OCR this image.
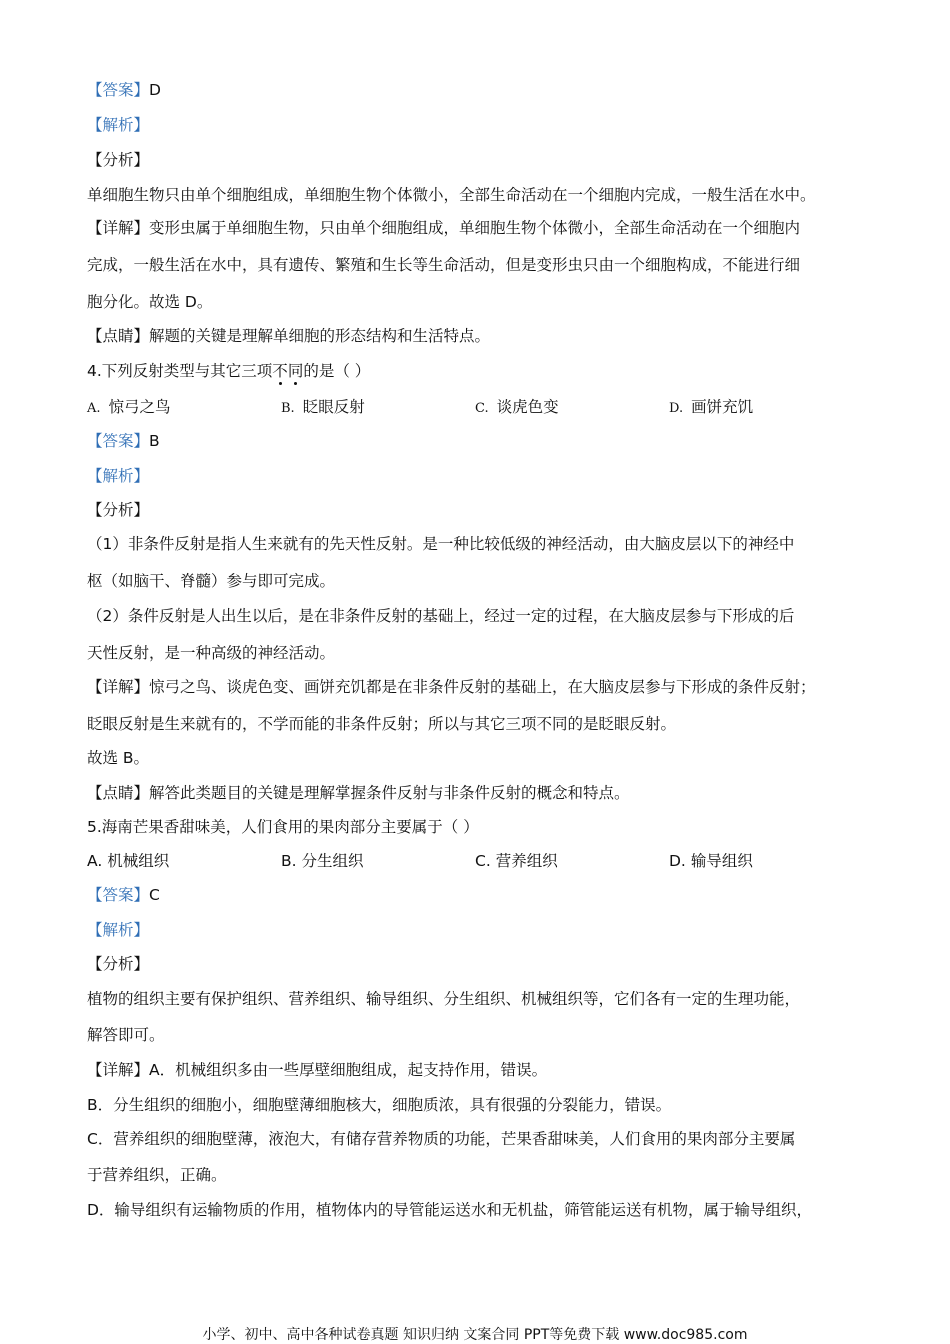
【答案】D
【解析】
【分析】
单细胞生物只由单个细胞组成，单细胞生物个体微小，全部生命活动在一个细胞内完成，一般生活在水中。
【详解】变形虫属于单细胞生物，只由单个细胞组成，单细胞生物个体微小，全部生命活动在一个细胞内
完成，一般生活在水中，具有遗传、繁殖和生长等生命活动，但是变形虫只由一个细胞构成，不能进行细
胞分化。故选 D。
【点睛】解题的关键是理解单细胞的形态结构和生活特点。
4.下列反射类型与其它三项不同的是（ ）
A. 惊弓之鸟	B. 眨眼反射	C. 谈虎色变	D. 画饼充饥
【答案】B
【解析】
【分析】
（1）非条件反射是指人生来就有的先天性反射。是一种比较低级的神经活动，由大脑皮层以下的神经中
枢（如脑干、脊髓）参与即可完成。
（2）条件反射是人出生以后，是在非条件反射的基础上，经过一定的过程，在大脑皮层参与下形成的后
天性反射，是一种高级的神经活动。
【详解】惊弓之鸟、谈虎色变、画饼充饥都是在非条件反射的基础上，在大脑皮层参与下形成的条件反射；
眨眼反射是生来就有的，不学而能的非条件反射；所以与其它三项不同的是眨眼反射。
故选 B。
【点睛】解答此类题目的关键是理解掌握条件反射与非条件反射的概念和特点。
5.海南芒果香甜味美，人们食用的果肉部分主要属于（ ）
A. 机械组织	B. 分生组织	C. 营养组织	D. 输导组织
【答案】C
【解析】
【分析】
植物的组织主要有保护组织、营养组织、输导组织、分生组织、机械组织等，它们各有一定的生理功能，
解答即可。
【详解】A．机械组织多由一些厚壁细胞组成，起支持作用，错误。
B．分生组织的细胞小，细胞壁薄细胞核大，细胞质浓，具有很强的分裂能力，错误。
C．营养组织的细胞壁薄，液泡大，有储存营养物质的功能，芒果香甜味美，人们食用的果肉部分主要属
于营养组织，正确。
D．输导组织有运输物质的作用，植物体内的导管能运送水和无机盐，筛管能运送有机物，属于输导组织，
小学、初中、高中各种试卷真题 知识归纳 文案合同 PPT等免费下载 www.doc985.com
